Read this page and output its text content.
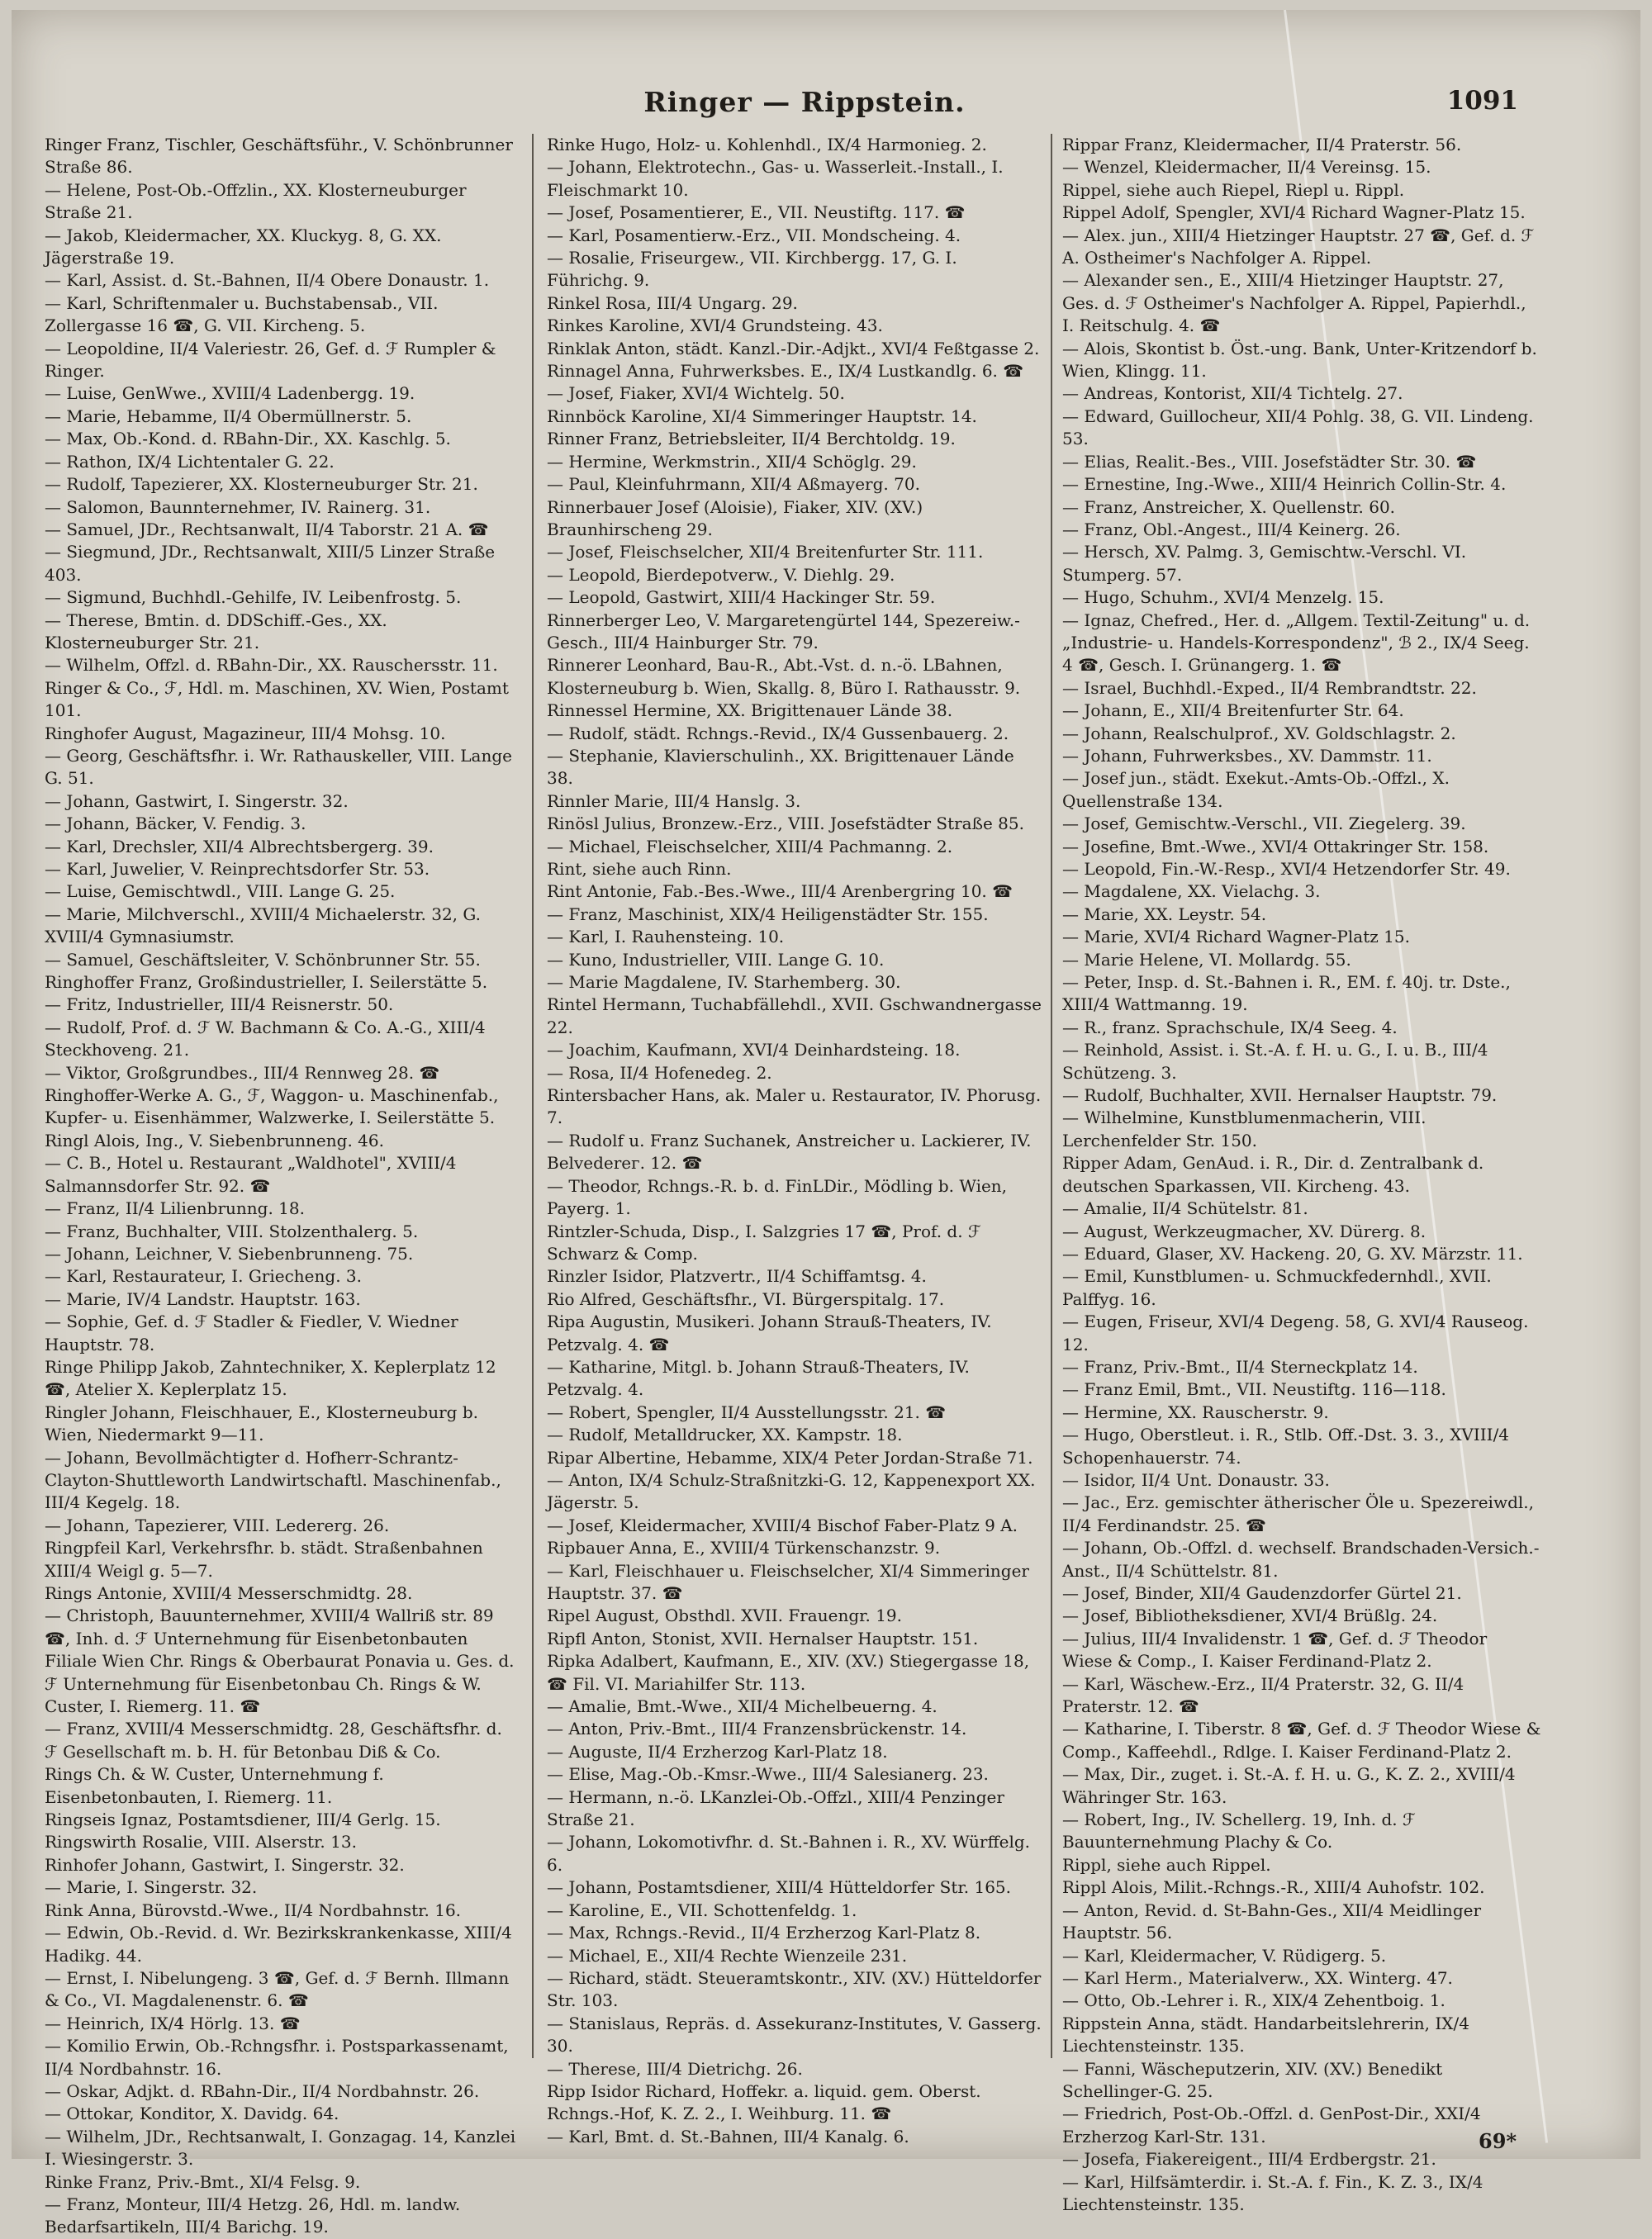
Ringer — Rippstein.	1091

Ringer Franz, Tischler, Geschäftsführ., V. Schönbrunner Straße 86.

— Helene, Post-Ob.-Offzlin., XX. Klosterneuburger Straße 21.

— Jakob, Kleidermacher, XX. Kluckyg. 8, G. XX. Jägerstraße 19.

— Karl, Assist. d. St.-Bahnen, II/4 Obere Donaustr. 1.

— Karl, Schriftenmaler u. Buchstabensab., VII. Zollergasse 16 ☎, G. VII. Kircheng. 5.

— Leopoldine, II/4 Valeriestr. 26, Gef. d. ℱ Rumpler & Ringer.

— Luise, GenWwe., XVIII/4 Ladenbergg. 19.

— Marie, Hebamme, II/4 Obermüllnerstr. 5.

— Max, Ob.-Kond. d. RBahn-Dir., XX. Kaschlg. 5.

— Rathon, IX/4 Lichtentaler G. 22.

— Rudolf, Tapezierer, XX. Klosterneuburger Str. 21.

— Salomon, Baunnternehmer, IV. Rainerg. 31.

— Samuel, JDr., Rechtsanwalt, II/4 Taborstr. 21 A. ☎

— Siegmund, JDr., Rechtsanwalt, XIII/5 Linzer Straße 403.

— Sigmund, Buchhdl.-Gehilfe, IV. Leibenfrostg. 5.

— Therese, Bmtin. d. DDSchiff.-Ges., XX. Klosterneuburger Str. 21.

— Wilhelm, Offzl. d. RBahn-Dir., XX. Rauschersstr. 11.

Ringer & Co., ℱ, Hdl. m. Maschinen, XV. Wien, Postamt 101.

Ringhofer August, Magazineur, III/4 Mohsg. 10.

— Georg, Geschäftsfhr. i. Wr. Rathauskeller, VIII. Lange G. 51.

— Johann, Gastwirt, I. Singerstr. 32.

— Johann, Bäcker, V. Fendig. 3.

— Karl, Drechsler, XII/4 Albrechtsbergerg. 39.

— Karl, Juwelier, V. Reinprechtsdorfer Str. 53.

— Luise, Gemischtwdl., VIII. Lange G. 25.

— Marie, Milchverschl., XVIII/4 Michaelerstr. 32, G. XVIII/4 Gymnasiumstr.

— Samuel, Geschäftsleiter, V. Schönbrunner Str. 55.

Ringhoffer Franz, Großindustrieller, I. Seilerstätte 5.

— Fritz, Industrieller, III/4 Reisnerstr. 50.

— Rudolf, Prof. d. ℱ W. Bachmann & Co. A.-G., XIII/4 Steckhoveng. 21.

— Viktor, Großgrundbes., III/4 Rennweg 28. ☎

Ringhoffer-Werke A. G., ℱ, Waggon- u. Maschinenfab., Kupfer- u. Eisenhämmer, Walzwerke, I. Seilerstätte 5.

Ringl Alois, Ing., V. Siebenbrunneng. 46.

— C. B., Hotel u. Restaurant „Waldhotel", XVIII/4 Salmannsdorfer Str. 92. ☎

— Franz, II/4 Lilienbrunng. 18.

— Franz, Buchhalter, VIII. Stolzenthalerg. 5.

— Johann, Leichner, V. Siebenbrunneng. 75.

— Karl, Restaurateur, I. Griecheng. 3.

— Marie, IV/4 Landstr. Hauptstr. 163.

— Sophie, Gef. d. ℱ Stadler & Fiedler, V. Wiedner Hauptstr. 78.

Ringe Philipp Jakob, Zahntechniker, X. Keplerplatz 12 ☎, Atelier X. Keplerplatz 15.

Ringler Johann, Fleischhauer, E., Klosterneuburg b. Wien, Niedermarkt 9—11.

— Johann, Bevollmächtigter d. Hofherr-Schrantz-Clayton-Shuttleworth Landwirtschaftl. Maschinenfab., III/4 Kegelg. 18.

— Johann, Tapezierer, VIII. Ledererg. 26.

Ringpfeil Karl, Verkehrsfhr. b. städt. Straßenbahnen XIII/4 Weigl g. 5—7.

Rings Antonie, XVIII/4 Messerschmidtg. 28.

— Christoph, Bauunternehmer, XVIII/4 Wallriß str. 89 ☎, Inh. d. ℱ Unternehmung für Eisenbetonbauten Filiale Wien Chr. Rings & Oberbaurat Ponavia u. Ges. d. ℱ Unternehmung für Eisenbetonbau Ch. Rings & W. Custer, I. Riemerg. 11. ☎

— Franz, XVIII/4 Messerschmidtg. 28, Geschäftsfhr. d. ℱ Gesellschaft m. b. H. für Betonbau Diß & Co.

Rings Ch. & W. Custer, Unternehmung f. Eisenbetonbauten, I. Riemerg. 11.

Ringseis Ignaz, Postamtsdiener, III/4 Gerlg. 15.

Ringswirth Rosalie, VIII. Alserstr. 13.

Rinhofer Johann, Gastwirt, I. Singerstr. 32.

— Marie, I. Singerstr. 32.

Rink Anna, Bürovstd.-Wwe., II/4 Nordbahnstr. 16.

— Edwin, Ob.-Revid. d. Wr. Bezirkskrankenkasse, XIII/4 Hadikg. 44.

— Ernst, I. Nibelungeng. 3 ☎, Gef. d. ℱ Bernh. Illmann & Co., VI. Magdalenenstr. 6. ☎

— Heinrich, IX/4 Hörlg. 13. ☎

— Komilio Erwin, Ob.-Rchngsfhr. i. Postsparkassenamt, II/4 Nordbahnstr. 16.

— Oskar, Adjkt. d. RBahn-Dir., II/4 Nordbahnstr. 26.

— Ottokar, Konditor, X. Davidg. 64.

— Wilhelm, JDr., Rechtsanwalt, I. Gonzagag. 14, Kanzlei I. Wiesingerstr. 3.

Rinke Franz, Priv.-Bmt., XI/4 Felsg. 9.

— Franz, Monteur, III/4 Hetzg. 26, Hdl. m. landw. Bedarfsartikeln, III/4 Barichg. 19.

Rinke Hugo, Holz- u. Kohlenhdl., IX/4 Harmonieg. 2.

— Johann, Elektrotechn., Gas- u. Wasserleit.-Install., I. Fleischmarkt 10.

— Josef, Posamentierer, E., VII. Neustiftg. 117. ☎

— Karl, Posamentierw.-Erz., VII. Mondscheing. 4.

— Rosalie, Friseurgew., VII. Kirchbergg. 17, G. I. Führichg. 9.

Rinkel Rosa, III/4 Ungarg. 29.

Rinkes Karoline, XVI/4 Grundsteing. 43.

Rinklak Anton, städt. Kanzl.-Dir.-Adjkt., XVI/4 Feßtgasse 2.

Rinnagel Anna, Fuhrwerksbes. E., IX/4 Lustkandlg. 6. ☎

— Josef, Fiaker, XVI/4 Wichtelg. 50.

Rinnböck Karoline, XI/4 Simmeringer Hauptstr. 14.

Rinner Franz, Betriebsleiter, II/4 Berchtoldg. 19.

— Hermine, Werkmstrin., XII/4 Schöglg. 29.

— Paul, Kleinfuhrmann, XII/4 Aßmayerg. 70.

Rinnerbauer Josef (Aloisie), Fiaker, XIV. (XV.) Braunhirscheng 29.

— Josef, Fleischselcher, XII/4 Breitenfurter Str. 111.

— Leopold, Bierdepotverw., V. Diehlg. 29.

— Leopold, Gastwirt, XIII/4 Hackinger Str. 59.

Rinnerberger Leo, V. Margaretengürtel 144, Spezereiw.-Gesch., III/4 Hainburger Str. 79.

Rinnerer Leonhard, Bau-R., Abt.-Vst. d. n.-ö. LBahnen, Klosterneuburg b. Wien, Skallg. 8, Büro I. Rathausstr. 9.

Rinnessel Hermine, XX. Brigittenauer Lände 38.

— Rudolf, städt. Rchngs.-Revid., IX/4 Gussenbauerg. 2.

— Stephanie, Klavierschulinh., XX. Brigittenauer Lände 38.

Rinnler Marie, III/4 Hanslg. 3.

Rinösl Julius, Bronzew.-Erz., VIII. Josefstädter Straße 85.

— Michael, Fleischselcher, XIII/4 Pachmanng. 2.

Rint, siehe auch Rinn.

Rint Antonie, Fab.-Bes.-Wwe., III/4 Arenbergring 10. ☎

— Franz, Maschinist, XIX/4 Heiligenstädter Str. 155.

— Karl, I. Rauhensteing. 10.

— Kuno, Industrieller, VIII. Lange G. 10.

— Marie Magdalene, IV. Starhemberg. 30.

Rintel Hermann, Tuchabfällehdl., XVII. Gschwandnergasse 22.

— Joachim, Kaufmann, XVI/4 Deinhardsteing. 18.

— Rosa, II/4 Hofenedeg. 2.

Rintersbacher Hans, ak. Maler u. Restaurator, IV. Phorusg. 7.

— Rudolf u. Franz Suchanek, Anstreicher u. Lackierer, IV. Belvederег. 12. ☎

— Theodor, Rchngs.-R. b. d. FinLDir., Mödling b. Wien, Payerg. 1.

Rintzler-Schuda, Disp., I. Salzgries 17 ☎, Prof. d. ℱ Schwarz & Comp.

Rinzler Isidor, Platzvertr., II/4 Schiffamtsg. 4.

Rio Alfred, Geschäftsfhr., VI. Bürgerspitalg. 17.

Ripa Augustin, Musikeri. Johann Strauß-Theaters, IV. Petzvalg. 4. ☎

— Katharine, Mitgl. b. Johann Strauß-Theaters, IV. Petzvalg. 4.

— Robert, Spengler, II/4 Ausstellungsstr. 21. ☎

— Rudolf, Metalldrucker, XX. Kampstr. 18.

Ripar Albertine, Hebamme, XIX/4 Peter Jordan-Straße 71.

— Anton, IX/4 Schulz-Straßnitzki-G. 12, Kappenexport XX. Jägerstr. 5.

— Josef, Kleidermacher, XVIII/4 Bischof Faber-Platz 9 A.

Ripbauer Anna, E., XVIII/4 Türkenschanzstr. 9.

— Karl, Fleischhauer u. Fleischselcher, XI/4 Simmeringer Hauptstr. 37. ☎

Ripel August, Obsthdl. XVII. Frauengr. 19.

Ripfl Anton, Stonist, XVII. Hernalser Hauptstr. 151.

Ripka Adalbert, Kaufmann, E., XIV. (XV.) Stiegergasse 18, ☎ Fil. VI. Mariahilfer Str. 113.

— Amalie, Bmt.-Wwe., XII/4 Michelbeuerng. 4.

— Anton, Priv.-Bmt., III/4 Franzensbrückenstr. 14.

— Auguste, II/4 Erzherzog Karl-Platz 18.

— Elise, Mag.-Ob.-Kmsr.-Wwe., III/4 Salesianerg. 23.

— Hermann, n.-ö. LKanzlei-Ob.-Offzl., XIII/4 Penzinger Straße 21.

— Johann, Lokomotivfhr. d. St.-Bahnen i. R., XV. Würffelg. 6.

— Johann, Postamtsdiener, XIII/4 Hütteldorfer Str. 165.

— Karoline, E., VII. Schottenfeldg. 1.

— Max, Rchngs.-Revid., II/4 Erzherzog Karl-Platz 8.

— Michael, E., XII/4 Rechte Wienzeile 231.

— Richard, städt. Steueramtskontr., XIV. (XV.) Hütteldorfer Str. 103.

— Stanislaus, Repräs. d. Assekuranz-Institutes, V. Gasserg. 30.

— Therese, III/4 Dietrichg. 26.

Ripp Isidor Richard, Hoffekr. a. liquid. gem. Oberst. Rchngs.-Hof, K. Z. 2., I. Weihburg. 11. ☎

— Karl, Bmt. d. St.-Bahnen, III/4 Kanalg. 6.

Rippar Franz, Kleidermacher, II/4 Praterstr. 56.

— Wenzel, Kleidermacher, II/4 Vereinsg. 15.

Rippel, siehe auch Riepel, Riepl u. Rippl.

Rippel Adolf, Spengler, XVI/4 Richard Wagner-Platz 15.

— Alex. jun., XIII/4 Hietzinger Hauptstr. 27 ☎, Gef. d. ℱ A. Ostheimer's Nachfolger A. Rippel.

— Alexander sen., E., XIII/4 Hietzinger Hauptstr. 27, Ges. d. ℱ Ostheimer's Nachfolger A. Rippel, Papierhdl., I. Reitschulg. 4. ☎

— Alois, Skontist b. Öst.-ung. Bank, Unter-Kritzendorf b. Wien, Klingg. 11.

— Andreas, Kontorist, XII/4 Tichtelg. 27.

— Edward, Guillocheur, XII/4 Pohlg. 38, G. VII. Lindeng. 53.

— Elias, Realit.-Bes., VIII. Josefstädter Str. 30. ☎

— Ernestine, Ing.-Wwe., XIII/4 Heinrich Collin-Str. 4.

— Franz, Anstreicher, X. Quellenstr. 60.

— Franz, Obl.-Angest., III/4 Keinerg. 26.

— Hersch, XV. Palmg. 3, Gemischtw.-Verschl. VI. Stumperg. 57.

— Hugo, Schuhm., XVI/4 Menzelg. 15.

— Ignaz, Chefred., Her. d. „Allgem. Textil-Zeitung" u. d. „Industrie- u. Handels-Korrespondenz", ℬ 2., IX/4 Seeg. 4 ☎, Gesch. I. Grünangerg. 1. ☎

— Israel, Buchhdl.-Exped., II/4 Rembrandtstr. 22.

— Johann, E., XII/4 Breitenfurter Str. 64.

— Johann, Realschulprof., XV. Goldschlagstr. 2.

— Johann, Fuhrwerksbes., XV. Dammstr. 11.

— Josef jun., städt. Exekut.-Amts-Ob.-Offzl., X. Quellenstraße 134.

— Josef, Gemischtw.-Verschl., VII. Ziegelerg. 39.

— Josefine, Bmt.-Wwe., XVI/4 Ottakringer Str. 158.

— Leopold, Fin.-W.-Resp., XVI/4 Hetzendorfer Str. 49.

— Magdalene, XX. Vielachg. 3.

— Marie, XX. Leystr. 54.

— Marie, XVI/4 Richard Wagner-Platz 15.

— Marie Helene, VI. Mollardg. 55.

— Peter, Insp. d. St.-Bahnen i. R., EM. f. 40j. tr. Dste., XIII/4 Wattmanng. 19.

— R., franz. Sprachschule, IX/4 Seeg. 4.

— Reinhold, Assist. i. St.-A. f. H. u. G., I. u. B., III/4 Schützeng. 3.

— Rudolf, Buchhalter, XVII. Hernalser Hauptstr. 79.

— Wilhelmine, Kunstblumenmacherin, VIII. Lerchenfelder Str. 150.

Ripper Adam, GenAud. i. R., Dir. d. Zentralbank d. deutschen Sparkassen, VII. Kircheng. 43.

— Amalie, II/4 Schütelstr. 81.

— August, Werkzeugmacher, XV. Dürerg. 8.

— Eduard, Glaser, XV. Hackeng. 20, G. XV. Märzstr. 11.

— Emil, Kunstblumen- u. Schmuckfedernhdl., XVII. Palffyg. 16.

— Eugen, Friseur, XVI/4 Degeng. 58, G. XVI/4 Rauseog. 12.

— Franz, Priv.-Bmt., II/4 Sterneckplatz 14.

— Franz Emil, Bmt., VII. Neustiftg. 116—118.

— Hermine, XX. Rauscherstr. 9.

— Hugo, Oberstleut. i. R., Stlb. Off.-Dst. 3. 3., XVIII/4 Schopenhauerstr. 74.

— Isidor, II/4 Unt. Donaustr. 33.

— Jac., Erz. gemischter ätherischer Öle u. Spezereiwdl., II/4 Ferdinandstr. 25. ☎

— Johann, Ob.-Offzl. d. wechself. Brandschaden-Versich.-Anst., II/4 Schüttelstr. 81.

— Josef, Binder, XII/4 Gaudenzdorfer Gürtel 21.

— Josef, Bibliotheksdiener, XVI/4 Brüßlg. 24.

— Julius, III/4 Invalidenstr. 1 ☎, Gef. d. ℱ Theodor Wiese & Comp., I. Kaiser Ferdinand-Platz 2.

— Karl, Wäschew.-Erz., II/4 Praterstr. 32, G. II/4 Praterstr. 12. ☎

— Katharine, I. Tiberstr. 8 ☎, Gef. d. ℱ Theodor Wiese & Comp., Kaffeehdl., Rdlge. I. Kaiser Ferdinand-Platz 2.

— Max, Dir., zuget. i. St.-A. f. H. u. G., K. Z. 2., XVIII/4 Währinger Str. 163.

— Robert, Ing., IV. Schellerg. 19, Inh. d. ℱ Bauunternehmung Plachy & Co.

Rippl, siehe auch Rippel.

Rippl Alois, Milit.-Rchngs.-R., XIII/4 Auhofstr. 102.

— Anton, Revid. d. St-Bahn-Ges., XII/4 Meidlinger Hauptstr. 56.

— Karl, Kleidermacher, V. Rüdigerg. 5.

— Karl Herm., Materialverw., XX. Winterg. 47.

— Otto, Ob.-Lehrer i. R., XIX/4 Zehentboig. 1.

Rippstein Anna, städt. Handarbeitslehrerin, IX/4 Liechtensteinstr. 135.

— Fanni, Wäscheputzerin, XIV. (XV.) Benedikt Schellinger-G. 25.

— Friedrich, Post-Ob.-Offzl. d. GenPost-Dir., XXI/4 Erzherzog Karl-Str. 131.

— Josefa, Fiakereigent., III/4 Erdbergstr. 21.

— Karl, Hilfsämterdir. i. St.-A. f. Fin., K. Z. 3., IX/4 Liechtensteinstr. 135.

69*
